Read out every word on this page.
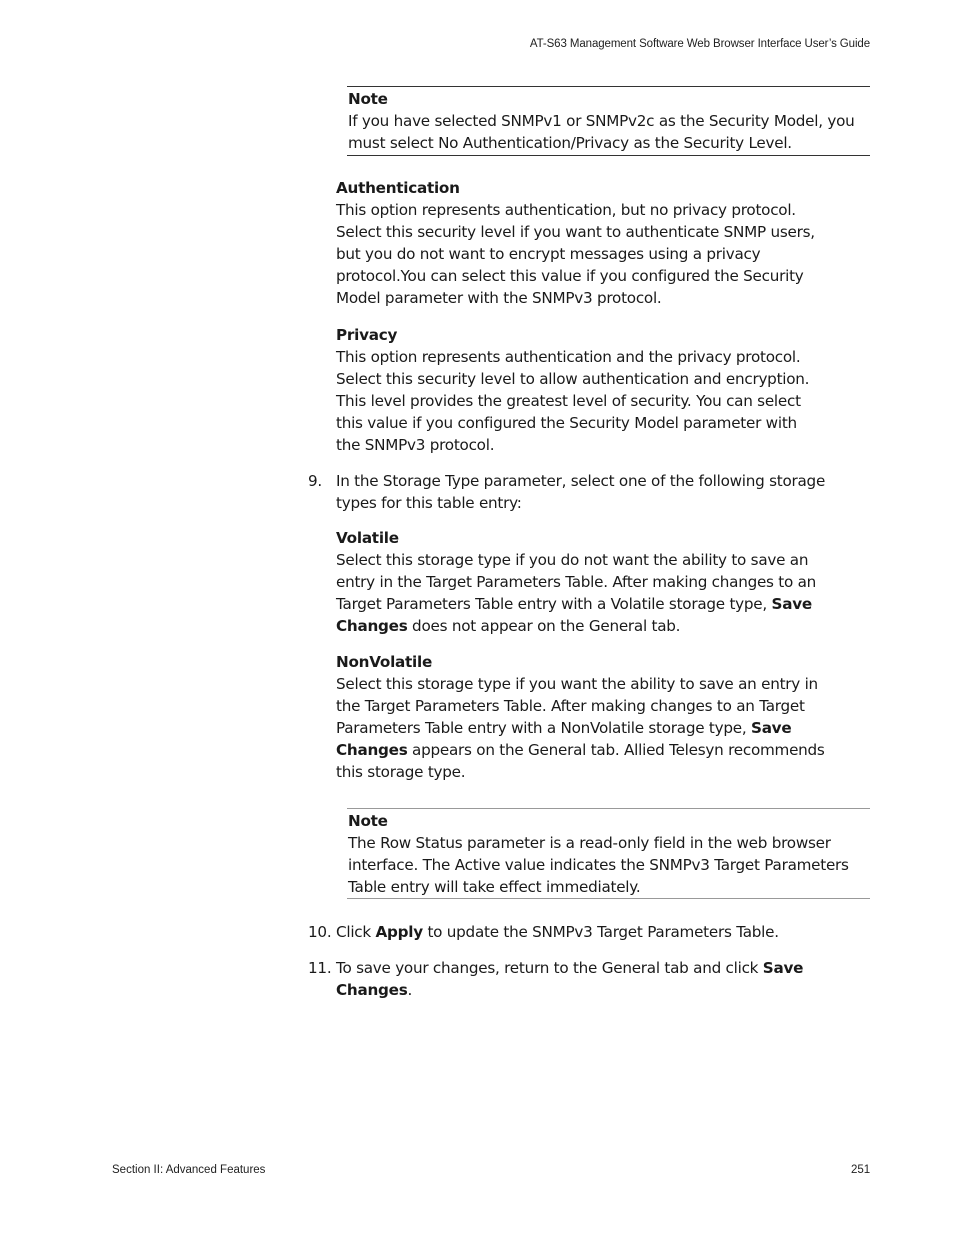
AT-S63 Management Software Web Browser Interface User’s Guide
Note
If you have selected SNMPv1 or SNMPv2c as the Security Model, you
must select No Authentication/Privacy as the Security Level.
Authentication
This option represents authentication, but no privacy protocol.
Select this security level if you want to authenticate SNMP users,
but you do not want to encrypt messages using a privacy
protocol.You can select this value if you configured the Security
Model parameter with the SNMPv3 protocol.
Privacy
This option represents authentication and the privacy protocol.
Select this security level to allow authentication and encryption.
This level provides the greatest level of security. You can select
this value if you configured the Security Model parameter with
the SNMPv3 protocol.
9. In the Storage Type parameter, select one of the following storage
types for this table entry:
Volatile
Select this storage type if you do not want the ability to save an
entry in the Target Parameters Table. After making changes to an
Target Parameters Table entry with a Volatile storage type, Save
Changes does not appear on the General tab.
NonVolatile
Select this storage type if you want the ability to save an entry in
the Target Parameters Table. After making changes to an Target
Parameters Table entry with a NonVolatile storage type, Save
Changes appears on the General tab. Allied Telesyn recommends
this storage type.
Note
The Row Status parameter is a read-only field in the web browser
interface. The Active value indicates the SNMPv3 Target Parameters
Table entry will take effect immediately.
10. Click Apply to update the SNMPv3 Target Parameters Table.
11. To save your changes, return to the General tab and click Save
Changes.
Section II: Advanced Features	251
